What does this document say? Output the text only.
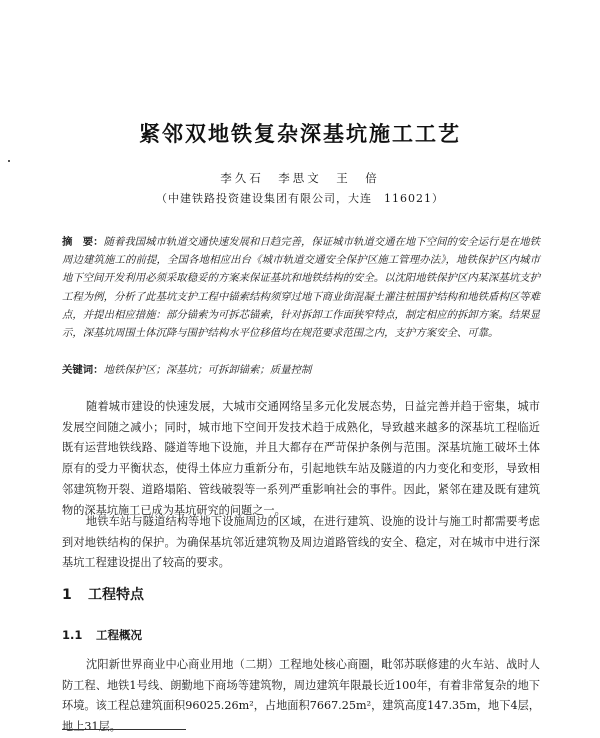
紧邻双地铁复杂深基坑施工工艺
李久石　李思文　王　倍
（中建铁路投资建设集团有限公司，大连　116021）
摘　要：随着我国城市轨道交通快速发展和日趋完善，保证城市轨道交通在地下空间的安全运行是在地铁周边建筑施工的前提，全国各地相应出台《城市轨道交通安全保护区施工管理办法》，地铁保护区内城市地下空间开发利用必须采取稳妥的方案来保证基坑和地铁结构的安全。以沈阳地铁保护区内某深基坑支护工程为例，分析了此基坑支护工程中锚索结构须穿过地下商业街混凝土灌注桩围护结构和地铁盾构区等难点，并提出相应措施：部分锚索为可拆芯锚索，针对拆卸工作面狭窄特点，制定相应的拆卸方案。结果显示，深基坑周围土体沉降与围护结构水平位移值均在规范要求范围之内，支护方案安全、可靠。
关键词：地铁保护区；深基坑；可拆卸锚索；质量控制
随着城市建设的快速发展，大城市交通网络呈多元化发展态势，日益完善并趋于密集，城市发展空间随之减小；同时，城市地下空间开发技术趋于成熟化，导致越来越多的深基坑工程临近既有运营地铁线路、隧道等地下设施，并且大都存在严苛保护条例与范围。深基坑施工破坏土体原有的受力平衡状态，使得土体应力重新分布，引起地铁车站及隧道的内力变化和变形，导致相邻建筑物开裂、道路塌陷、管线破裂等一系列严重影响社会的事件。因此，紧邻在建及既有建筑物的深基坑施工已成为基坑研究的问题之一。
地铁车站与隧道结构等地下设施周边的区域，在进行建筑、设施的设计与施工时都需要考虑到对地铁结构的保护。为确保基坑邻近建筑物及周边道路管线的安全、稳定，对在城市中进行深基坑工程建设提出了较高的要求。
1 工程特点
1.1 工程概况
沈阳新世界商业中心商业用地（二期）工程地处核心商圈，毗邻苏联修建的火车站、战时人防工程、地铁1号线、朗勤地下商场等建筑物，周边建筑年限最长近100年，有着非常复杂的地下环境。该工程总建筑面积96025.26m²，占地面积7667.25m²，建筑高度147.35m，地下4层，地上31层。
